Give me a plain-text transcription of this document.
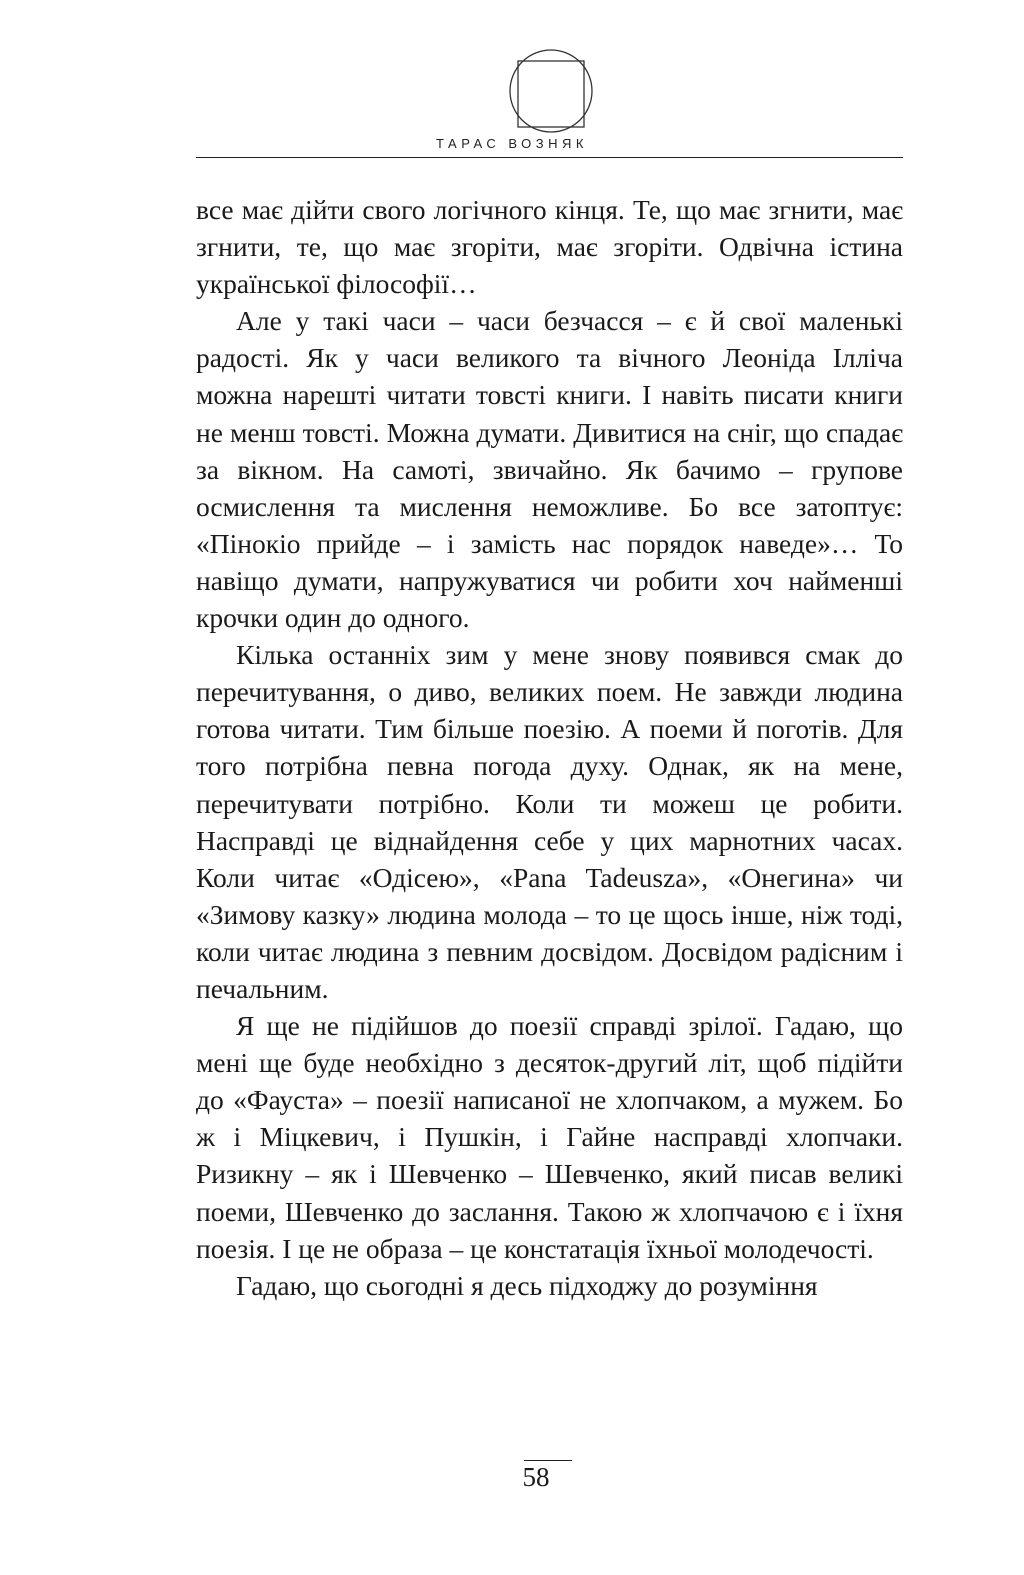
ТАРАС ВОЗНЯК

все має дійти свого логічного кінця. Те, що має згнити, має згнити, те, що має згоріти, має згоріти. Одвічна істина української філософії…

Але у такі часи – часи безчасся – є й свої маленькі радості. Як у часи великого та вічного Леоніда Ілліча можна нарешті читати товсті книги. І навіть писати книги не менш товсті. Можна думати. Дивитися на сніг, що спадає за вікном. На самоті, звичайно. Як бачимо – групове осмислення та мислення неможливе. Бо все затоптує: «Пінокіо прийде – і замість нас порядок наведе»… То навіщо думати, напружуватися чи робити хоч найменші крочки один до одного.

Кілька останніх зим у мене знову появився смак до перечитування, о диво, великих поем. Не завжди людина готова читати. Тим більше поезію. А поеми й поготів. Для того потрібна певна погода духу. Однак, як на мене, перечитувати потрібно. Коли ти можеш це робити. Насправді це віднайдення себе у цих марнотних часах. Коли читає «Одісею», «Pana Tadeusza», «Онегина» чи «Зимову казку» людина молода – то це щось інше, ніж тоді, коли читає людина з певним досвідом. Досвідом радісним і печальним.

Я ще не підійшов до поезії справді зрілої. Гадаю, що мені ще буде необхідно з десяток-другий літ, щоб підійти до «Фауста» – поезії написаної не хлопчаком, а мужем. Бо ж і Міцкевич, і Пушкін, і Гайне насправді хлопчаки. Ризикну – як і Шевченко – Шевченко, який писав великі поеми, Шевченко до заслання. Такою ж хлопчачою є і їхня поезія. І це не образа – це констатація їхньої молодечості.

Гадаю, що сьогодні я десь підходжу до розуміння

58
